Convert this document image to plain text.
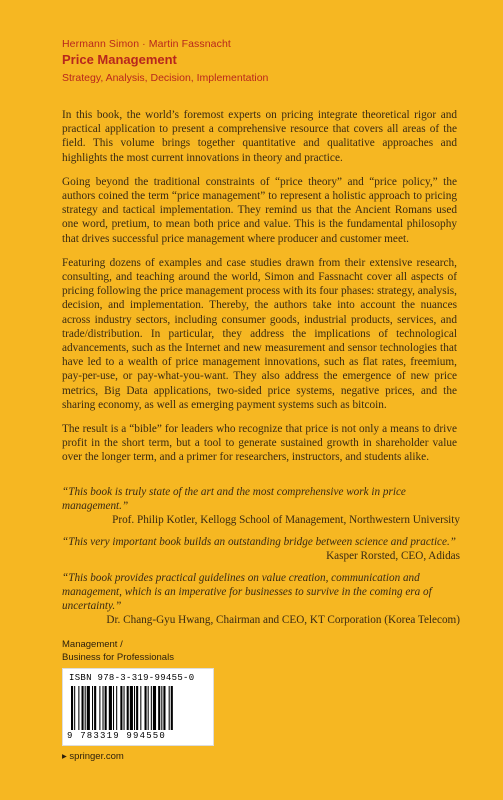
Hermann Simon · Martin Fassnacht
Price Management
Strategy, Analysis, Decision, Implementation

In this book, the world’s foremost experts on pricing integrate theoretical rigor and practical application to present a comprehensive resource that covers all areas of the field. This volume brings together quantitative and qualitative approaches and highlights the most current innovations in theory and practice.

Going beyond the traditional constraints of “price theory” and “price policy,” the authors coined the term “price management” to represent a holistic approach to pricing strategy and tactical implementation. They remind us that the Ancient Romans used one word, pretium, to mean both price and value. This is the fundamental philosophy that drives successful price management where producer and customer meet.

Featuring dozens of examples and case studies drawn from their extensive research, consulting, and teaching around the world, Simon and Fassnacht cover all aspects of pricing following the price management process with its four phases: strategy, analysis, decision, and implementation. Thereby, the authors take into account the nuances across industry sectors, including consumer goods, industrial products, services, and trade/distribution. In particular, they address the implications of technological advancements, such as the Internet and new measurement and sensor technologies that have led to a wealth of price management innovations, such as flat rates, freemium, pay-per-use, or pay-what-you-want. They also address the emergence of new price metrics, Big Data applications, two-sided price systems, negative prices, and the sharing economy, as well as emerging payment systems such as bitcoin.

The result is a “bible” for leaders who recognize that price is not only a means to drive profit in the short term, but a tool to generate sustained growth in shareholder value over the longer term, and a primer for researchers, instructors, and students alike.

“This book is truly state of the art and the most comprehensive work in price management.”
Prof. Philip Kotler, Kellogg School of Management, Northwestern University
“This very important book builds an outstanding bridge between science and practice.”
Kasper Rorsted, CEO, Adidas
“This book provides practical guidelines on value creation, communication and management, which is an imperative for businesses to survive in the coming era of uncertainty.”
Dr. Chang-Gyu Hwang, Chairman and CEO, KT Corporation (Korea Telecom)
Management /
Business for Professionals
ISBN 978-3-319-99455-0
9 783319 994550
▸ springer.com
